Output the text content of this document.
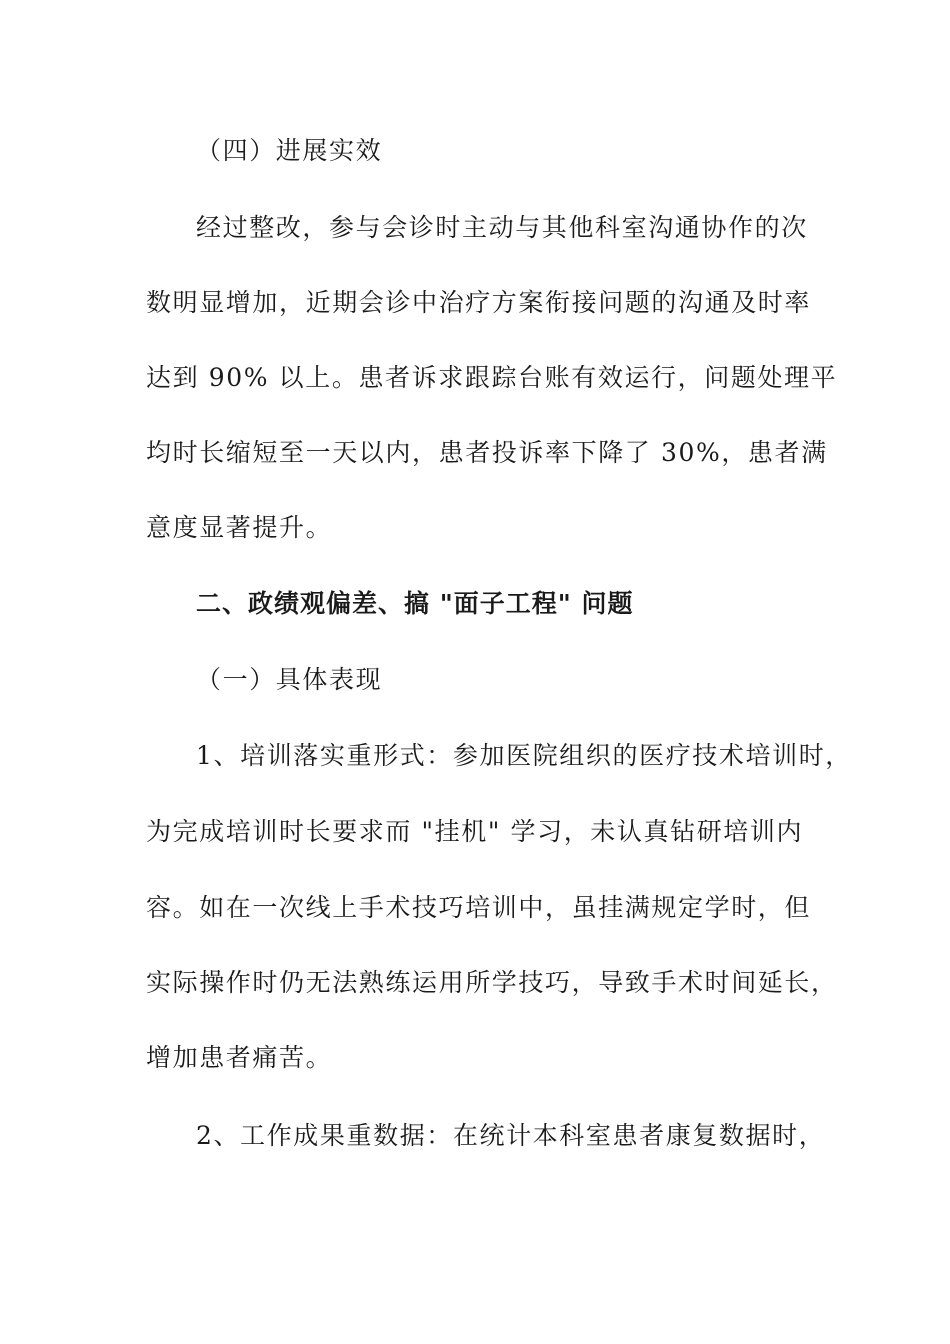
（四）进展实效
经过整改，参与会诊时主动与其他科室沟通协作的次
数明显增加，近期会诊中治疗方案衔接问题的沟通及时率
达到 90% 以上。患者诉求跟踪台账有效运行，问题处理平
均时长缩短至一天以内，患者投诉率下降了 30%，患者满
意度显著提升。
二、政绩观偏差、搞 "面子工程" 问题
（一）具体表现
1、培训落实重形式：参加医院组织的医疗技术培训时，
为完成培训时长要求而 "挂机" 学习，未认真钻研培训内
容。如在一次线上手术技巧培训中，虽挂满规定学时，但
实际操作时仍无法熟练运用所学技巧，导致手术时间延长，
增加患者痛苦。
2、工作成果重数据：在统计本科室患者康复数据时，
